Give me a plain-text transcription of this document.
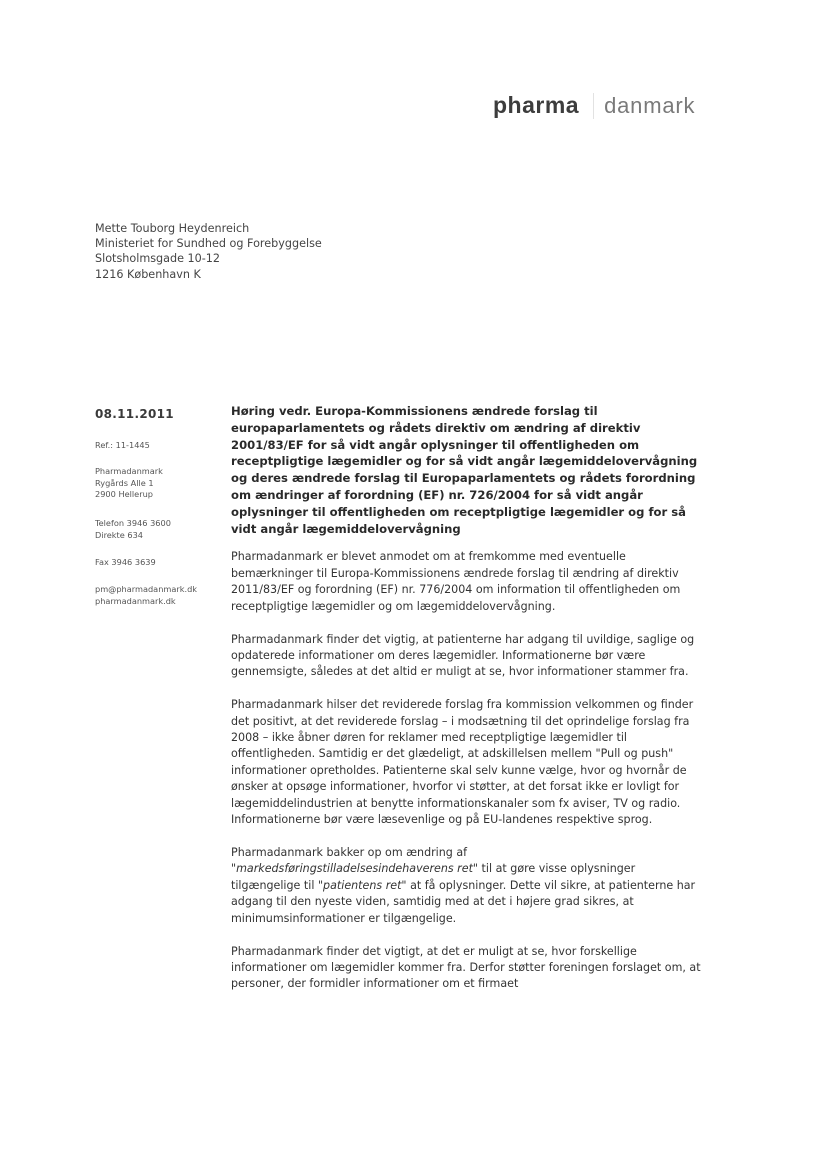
pharma danmark
Mette Touborg Heydenreich
Ministeriet for Sundhed og Forebyggelse
Slotsholmsgade 10-12
1216 København K
08.11.2011
Ref.: 11-1445
Pharmadanmark
Rygårds Alle 1
2900 Hellerup
Telefon 3946 3600
Direkte 634
Fax 3946 3639
pm@pharmadanmark.dk
pharmadanmark.dk

Høring vedr. Europa-Kommissionens ændrede forslag til europaparlamentets og rådets direktiv om ændring af direktiv 2001/83/EF for så vidt angår oplysninger til offentligheden om receptpligtige lægemidler og for så vidt angår lægemiddelovervågning og deres ændrede forslag til Europaparlamentets og rådets forordning om ændringer af forordning (EF) nr. 726/2004 for så vidt angår oplysninger til offentligheden om receptpligtige lægemidler og for så vidt angår lægemiddelovervågning

Pharmadanmark er blevet anmodet om at fremkomme med eventuelle bemærkninger til Europa-Kommissionens ændrede forslag til ændring af direktiv 2011/83/EF og forordning (EF) nr. 776/2004 om information til offentligheden om receptpligtige lægemidler og om lægemiddelovervågning.

Pharmadanmark finder det vigtig, at patienterne har adgang til uvildige, saglige og opdaterede informationer om deres lægemidler. Informationerne bør være gennemsigte, således at det altid er muligt at se, hvor informationer stammer fra.

Pharmadanmark hilser det reviderede forslag fra kommission velkommen og finder det positivt, at det reviderede forslag – i modsætning til det oprindelige forslag fra 2008 – ikke åbner døren for reklamer med receptpligtige lægemidler til offentligheden. Samtidig er det glædeligt, at adskillelsen mellem "Pull og push" informationer opretholdes. Patienterne skal selv kunne vælge, hvor og hvornår de ønsker at opsøge informationer, hvorfor vi støtter, at det forsat ikke er lovligt for lægemiddelindustrien at benytte informationskanaler som fx aviser, TV og radio. Informationerne bør være læsevenlige og på EU-landenes respektive sprog.

Pharmadanmark bakker op om ændring af
"markedsføringstilladelsesindehaverens ret" til at gøre visse oplysninger tilgængelige til "patientens ret" at få oplysninger. Dette vil sikre, at patienterne har adgang til den nyeste viden, samtidig med at det i højere grad sikres, at minimumsinformationer er tilgængelige.

Pharmadanmark finder det vigtigt, at det er muligt at se, hvor forskellige informationer om lægemidler kommer fra. Derfor støtter foreningen forslaget om, at personer, der formidler informationer om et firmaet
